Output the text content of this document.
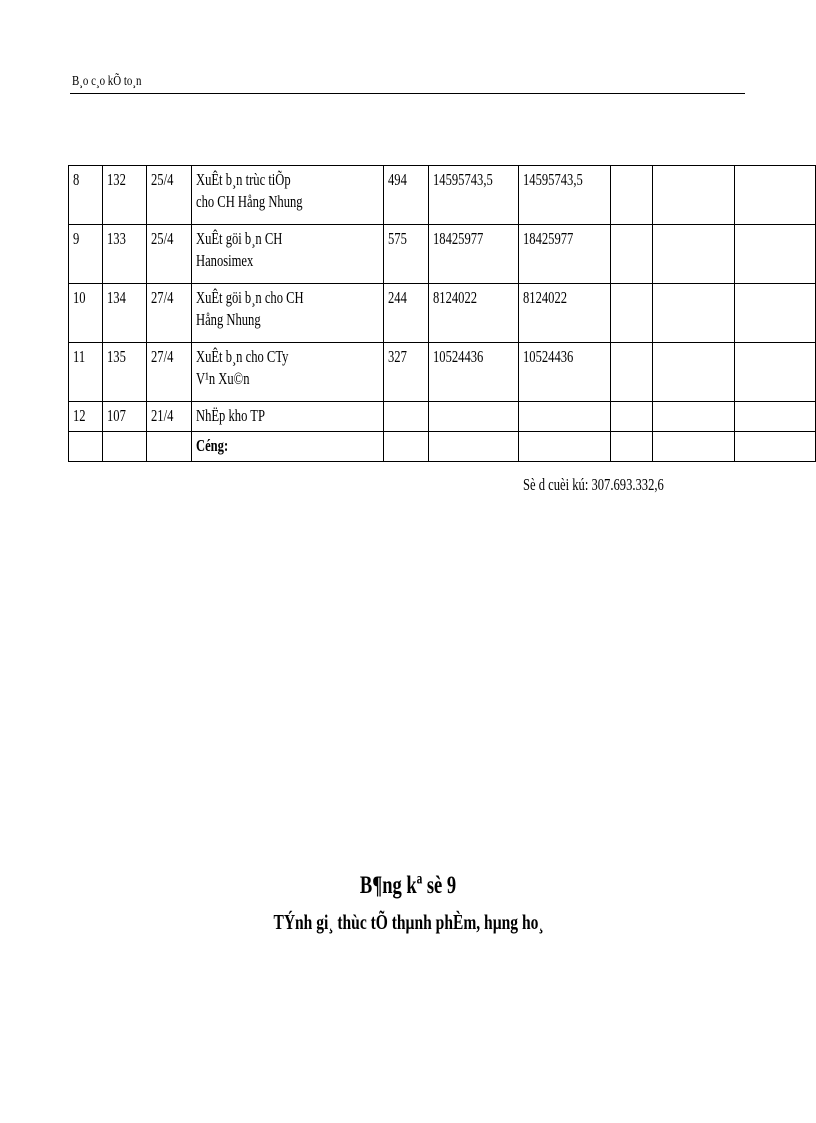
B¸o c¸o kÕ to¸n
8	132	25/4	XuÊt b¸n trùc tiÕp
cho CH Hång Nhung	494	14595743,5	14595743,5			
9	133	25/4	XuÊt göi b¸n CH
Hanosimex	575	18425977	18425977			
10	134	27/4	XuÊt göi b¸n cho CH
Hång Nhung	244	8124022	8124022			
11	135	27/4	XuÊt b¸n cho CTy
V¹n Xu©n	327	10524436	10524436			
12	107	21/4	NhËp kho TP						

			Céng:						
Sè d cuèi kú: 307.693.332,6
B¶ng kª sè 9
TÝnh gi¸ thùc tÕ thµnh phÈm, hµng ho¸
